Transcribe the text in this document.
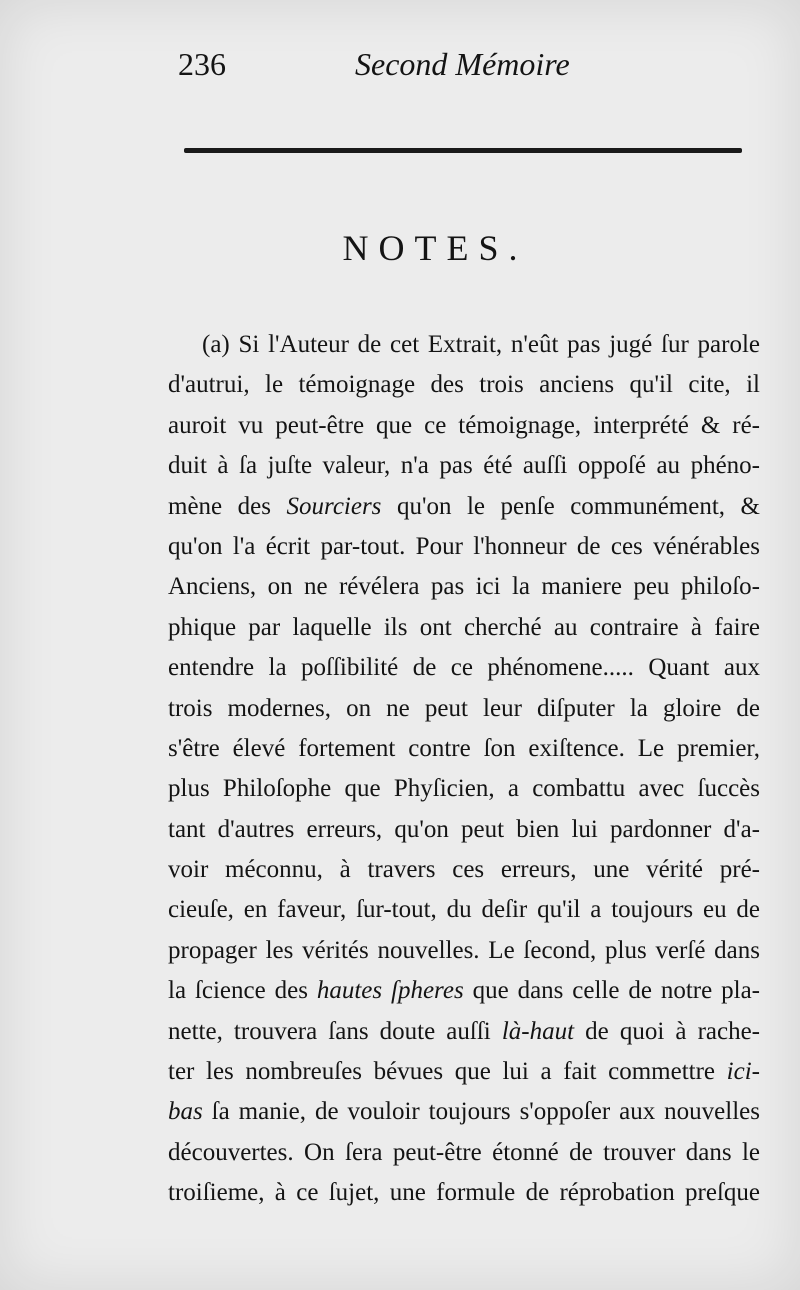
236	Second Mémoire
NOTES.
(a) Si l'Auteur de cet Extrait, n'eût pas jugé ſur parole
d'autrui, le témoignage des trois anciens qu'il cite, il
auroit vu peut-être que ce témoignage, interprété & ré-
duit à ſa juſte valeur, n'a pas été auſſi oppoſé au phéno-
mène des Sourciers qu'on le penſe communément, &
qu'on l'a écrit par-tout. Pour l'honneur de ces vénérables
Anciens, on ne révélera pas ici la maniere peu philoſo-
phique par laquelle ils ont cherché au contraire à faire
entendre la poſſibilité de ce phénomene..... Quant aux
trois modernes, on ne peut leur diſputer la gloire de
s'être élevé fortement contre ſon exiſtence. Le premier,
plus Philoſophe que Phyſicien, a combattu avec ſuccès
tant d'autres erreurs, qu'on peut bien lui pardonner d'a-
voir méconnu, à travers ces erreurs, une vérité pré-
cieuſe, en faveur, ſur-tout, du deſir qu'il a toujours eu de
propager les vérités nouvelles. Le ſecond, plus verſé dans
la ſcience des hautes ſpheres que dans celle de notre pla-
nette, trouvera ſans doute auſſi là-haut de quoi à rache-
ter les nombreuſes bévues que lui a fait commettre ici-
bas ſa manie, de vouloir toujours s'oppoſer aux nouvelles
découvertes. On ſera peut-être étonné de trouver dans le
troiſieme, à ce ſujet, une formule de réprobation preſque
